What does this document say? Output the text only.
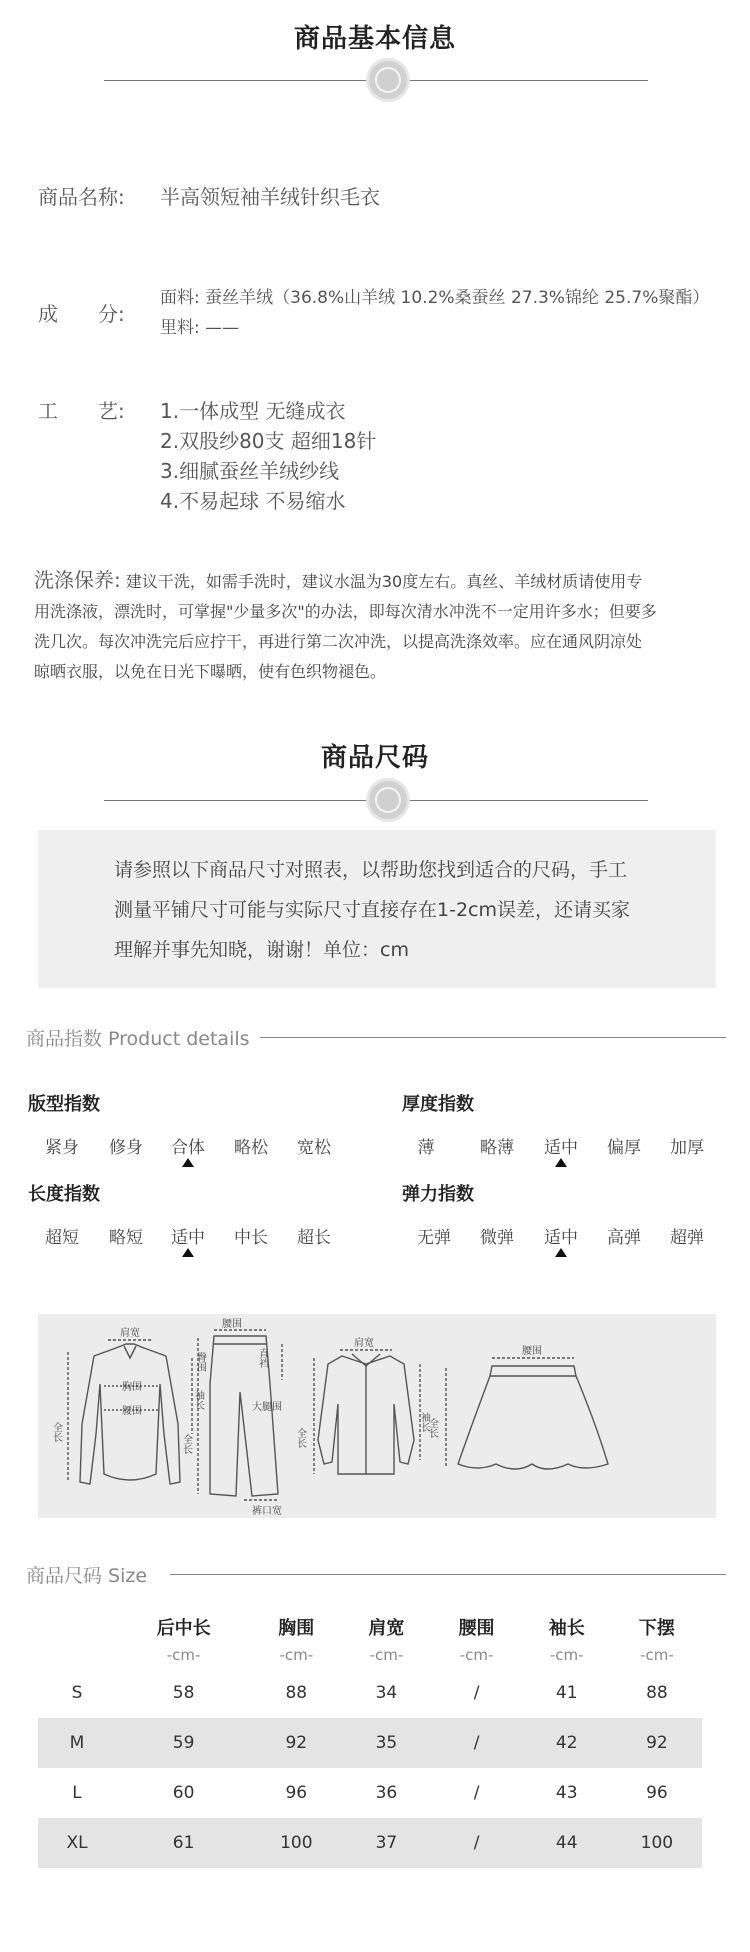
商品基本信息
商品名称: 半高领短袖羊绒针织毛衣
成　　分:
面料: 蚕丝羊绒（36.8%山羊绒 10.2%桑蚕丝 27.3%锦纶 25.7%聚酯）
里料: ——
工　　艺: 1.一体成型 无缝成衣
2.双股纱80支 超细18针
3.细腻蚕丝羊绒纱线
4.不易起球 不易缩水
洗涤保养: 建议干洗，如需手洗时，建议水温为30度左右。真丝、羊绒材质请使用专
用洗涤液，漂洗时，可掌握"少量多次"的办法，即每次清水冲洗不一定用许多水；但要多
洗几次。每次冲洗完后应拧干，再进行第二次冲洗，以提高洗涤效率。应在通风阴凉处
晾晒衣服，以免在日光下曝晒，使有色织物褪色。
商品尺码
请参照以下商品尺寸对照表，以帮助您找到适合的尺码，手工
测量平铺尺寸可能与实际尺寸直接存在1-2cm误差，还请买家
理解并事先知晓，谢谢！单位：cm
商品指数 Product details
版型指数	厚度指数
长度指数	弹力指数
紧身	修身	合体	略松	宽松	薄	略薄	适中	偏厚	加厚
超短	略短	适中	中长	超长	无弹	微弹	适中	高弹	超弹
肩宽
胸围
腰围
全长
袖长
腰围
臀围	直裆
大腿围
全长
裤口宽
肩宽
全长
袖长
腰围
全长
商品尺码 Size
	后中长	胸围	肩宽	腰围	袖长	下摆
	-cm-	-cm-	-cm-	-cm-	-cm-	-cm-
S	58	88	34	/	41	88
M	59	92	35	/	42	92
L	60	96	36	/	43	96
XL	61	100	37	/	44	100
